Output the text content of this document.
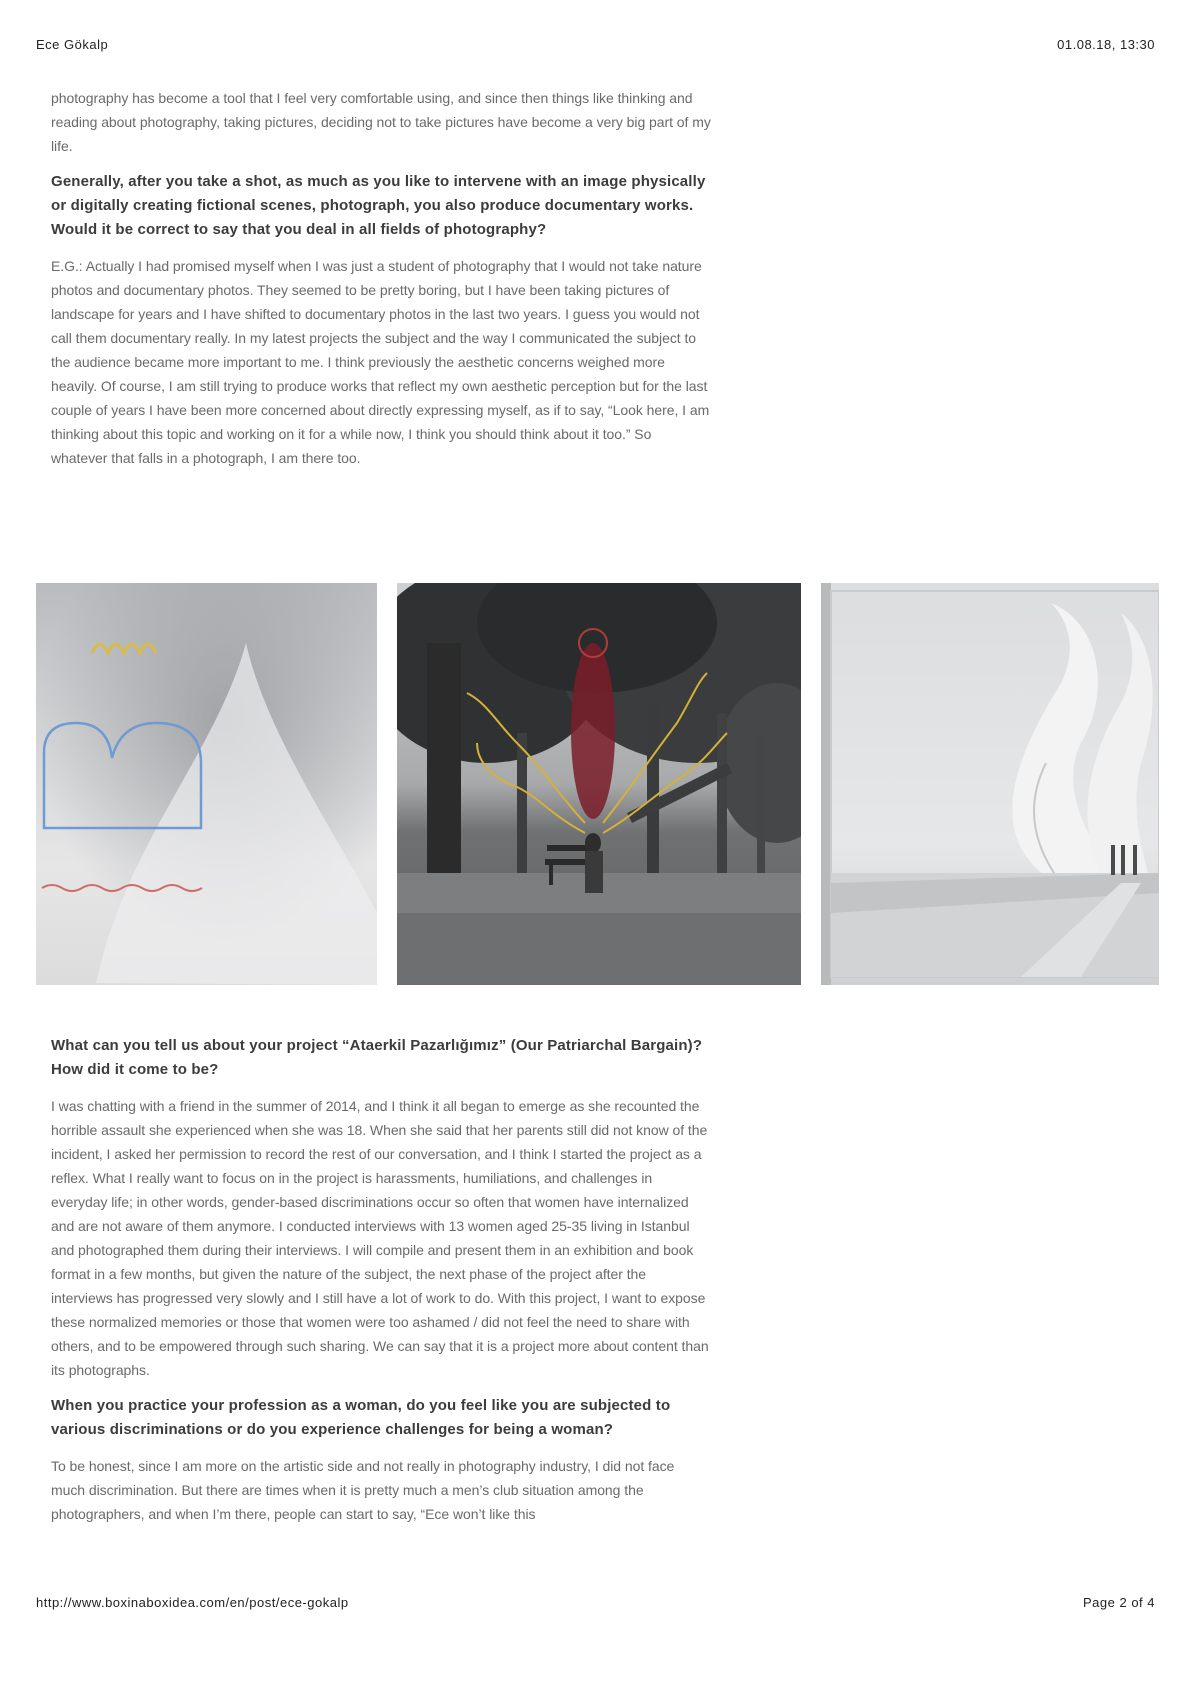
Ece Gökalp	01.08.18, 13:30

photography has become a tool that I feel very comfortable using, and since then things like thinking and reading about photography, taking pictures, deciding not to take pictures have become a very big part of my life.

Generally, after you take a shot, as much as you like to intervene with an image physically or digitally creating fictional scenes, photograph, you also produce documentary works. Would it be correct to say that you deal in all fields of photography?

E.G.: Actually I had promised myself when I was just a student of photography that I would not take nature photos and documentary photos. They seemed to be pretty boring, but I have been taking pictures of landscape for years and I have shifted to documentary photos in the last two years. I guess you would not call them documentary really. In my latest projects the subject and the way I communicated the subject to the audience became more important to me. I think previously the aesthetic concerns weighed more heavily. Of course, I am still trying to produce works that reflect my own aesthetic perception but for the last couple of years I have been more concerned about directly expressing myself, as if to say, “Look here, I am thinking about this topic and working on it for a while now, I think you should think about it too.” So whatever that falls in a photograph, I am there too.

What can you tell us about your project “Ataerkil Pazarlığımız” (Our Patriarchal Bargain)? How did it come to be?

I was chatting with a friend in the summer of 2014, and I think it all began to emerge as she recounted the horrible assault she experienced when she was 18. When she said that her parents still did not know of the incident, I asked her permission to record the rest of our conversation, and I think I started the project as a reflex. What I really want to focus on in the project is harassments, humiliations, and challenges in everyday life; in other words, gender-based discriminations occur so often that women have internalized and are not aware of them anymore. I conducted interviews with 13 women aged 25-35 living in Istanbul and photographed them during their interviews. I will compile and present them in an exhibition and book format in a few months, but given the nature of the subject, the next phase of the project after the interviews has progressed very slowly and I still have a lot of work to do. With this project, I want to expose these normalized memories or those that women were too ashamed / did not feel the need to share with others, and to be empowered through such sharing. We can say that it is a project more about content than its photographs.

When you practice your profession as a woman, do you feel like you are subjected to various discriminations or do you experience challenges for being a woman?

To be honest, since I am more on the artistic side and not really in photography industry, I did not face much discrimination. But there are times when it is pretty much a men’s club situation among the photographers, and when I’m there, people can start to say, “Ece won’t like this

http://www.boxinaboxidea.com/en/post/ece-gokalp	Page 2 of 4
